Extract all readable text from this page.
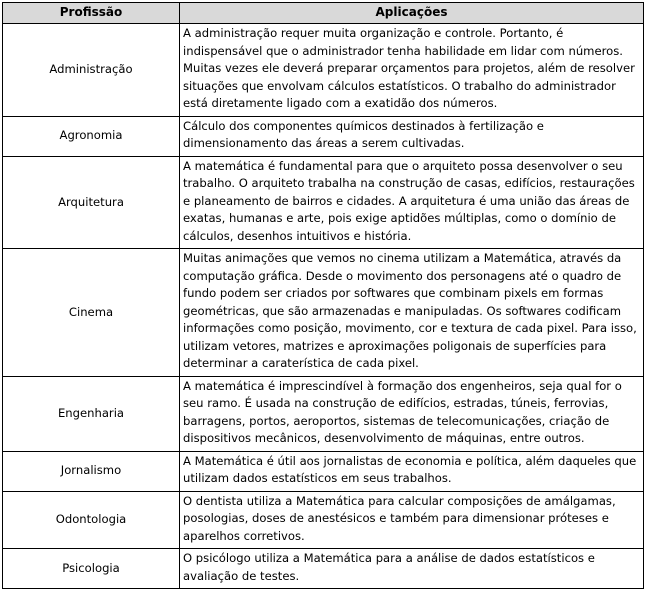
Profissão	Aplicações
Administração	A administração requer muita organização e controle. Portanto, é indispensável que o administrador tenha habilidade em lidar com números. Muitas vezes ele deverá preparar orçamentos para projetos, além de resolver situações que envolvam cálculos estatísticos. O trabalho do administrador está diretamente ligado com a exatidão dos números.
Agronomia	Cálculo dos componentes químicos destinados à fertilização e dimensionamento das áreas a serem cultivadas.
Arquitetura	A matemática é fundamental para que o arquiteto possa desenvolver o seu trabalho. O arquiteto trabalha na construção de casas, edifícios, restaurações e planeamento de bairros e cidades. A arquitetura é uma união das áreas de exatas, humanas e arte, pois exige aptidões múltiplas, como o domínio de cálculos, desenhos intuitivos e história.
Cinema	Muitas animações que vemos no cinema utilizam a Matemática, através da computação gráfica. Desde o movimento dos personagens até o quadro de fundo podem ser criados por softwares que combinam pixels em formas geométricas, que são armazenadas e manipuladas. Os softwares codificam informações como posição, movimento, cor e textura de cada pixel. Para isso, utilizam vetores, matrizes e aproximações poligonais de superfícies para determinar a caraterística de cada pixel.
Engenharia	A matemática é imprescindível à formação dos engenheiros, seja qual for o seu ramo. É usada na construção de edifícios, estradas, túneis, ferrovias, barragens, portos, aeroportos, sistemas de telecomunicações, criação de dispositivos mecânicos, desenvolvimento de máquinas, entre outros.
Jornalismo	A Matemática é útil aos jornalistas de economia e política, além daqueles que utilizam dados estatísticos em seus trabalhos.
Odontologia	O dentista utiliza a Matemática para calcular composições de amálgamas, posologias, doses de anestésicos e também para dimensionar próteses e aparelhos corretivos.
Psicologia	O psicólogo utiliza a Matemática para a análise de dados estatísticos e avaliação de testes.
